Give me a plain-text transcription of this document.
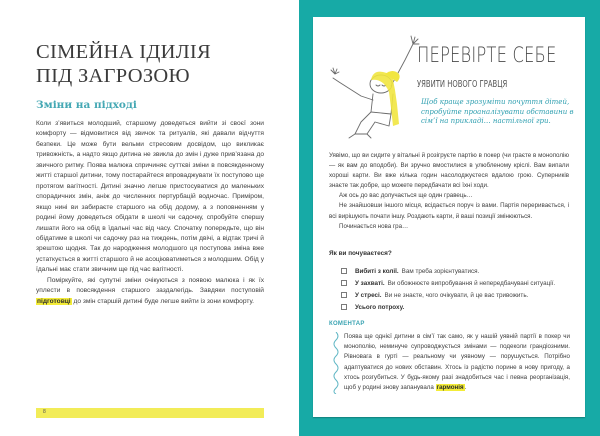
СІМЕЙНА ІДИЛІЯ
ПІД ЗАГРОЗОЮ
Зміни на підході

Коли з’явиться молодший, старшому доведеться вийти зі своєї зони комфорту — відмовитися від звичок та ритуалів, які давали відчуття безпеки. Це може бути вельми стресовим досвідом, що викликає тривожність, а надто якщо дитина не звикла до змін і дуже прив’язана до звичного ритму. Поява малюка спричиняє суттєві зміни в повсякденному житті старшої дитини, тому постарайтеся впроваджувати їх поступово ще протягом вагітності. Дитині значно легше пристосуватися до маленьких спорадичних змін, аніж до численних пертурбацій водночас. Приміром, якщо нині ви забираєте старшого на обід додому, а з поповненням у родині йому доведеться обідати в школі чи садочку, спробуйте спершу лишати його на обід в їдальні час від часу. Спочатку попередьте, що він обідатиме в школі чи садочку раз на тиждень, потім двічі, а відтак тричі й зрештою щодня. Так до народження молодшого ця поступова зміна вже устаткується в житті старшого й не асоціюватиметься з молодшим. Обід у їдальні має стати звичним ще під час вагітності.

Поміркуйте, які супутні зміни очікуються з появою малюка і як їх уплести в повсякдення старшого заздалегідь. Завдяки поступовій підготовці до змін старшій дитині буде легше вийти із зони комфорту.

8
ПЕРЕВІРТЕ СЕБЕ
УЯВИТИ НОВОГО ГРАВЦЯ
Щоб краще зрозуміти почуття дітей, спробуйте проаналізувати обставини в сім’ї на прикладі… настільної гри.

Уявімо, що ви сидите у вітальні й розігруєте партію в покер (чи граєте в монополію — як вам до вподоби). Ви зручно вмостилися в улюбленому кріслі. Вам випали хороші карти. Ви вже кілька годин насолоджуєтеся вдалою грою. Суперників знаєте так добре, що можете передбачати всі їхні ходи.

Аж ось до вас долучається ще один гравець…

Не знайшовши іншого місця, всідається поруч із вами. Партія переривається, і всі вирішують почати іншу. Роздають карти, й ваші позиції змінюються.

Починається нова гра…

Як ви почуваєтеся?
Вибиті з колії. Вам треба зорієнтуватися.
У захваті. Ви обожнюєте випробування й непередбачувані ситуації.
У стресі. Ви не знаєте, чого очікувати, й це вас тривожить.
Усього потроху.
КОМЕНТАР
Поява ще однієї дитини в сім’ї так само, як у нашій уявній партії в покер чи монополію, неминуче супроводжується змінами — подеколи грандіозними. Рівновага в гурті — реальному чи уявному — порушується. Потрібно адаптуватися до нових обставин. Хтось із радістю порине в нову пригоду, а хтось розгубиться. У будь-якому разі знадобиться час і певна реорганізація, щоб у родині знову запанувала гармонія.
